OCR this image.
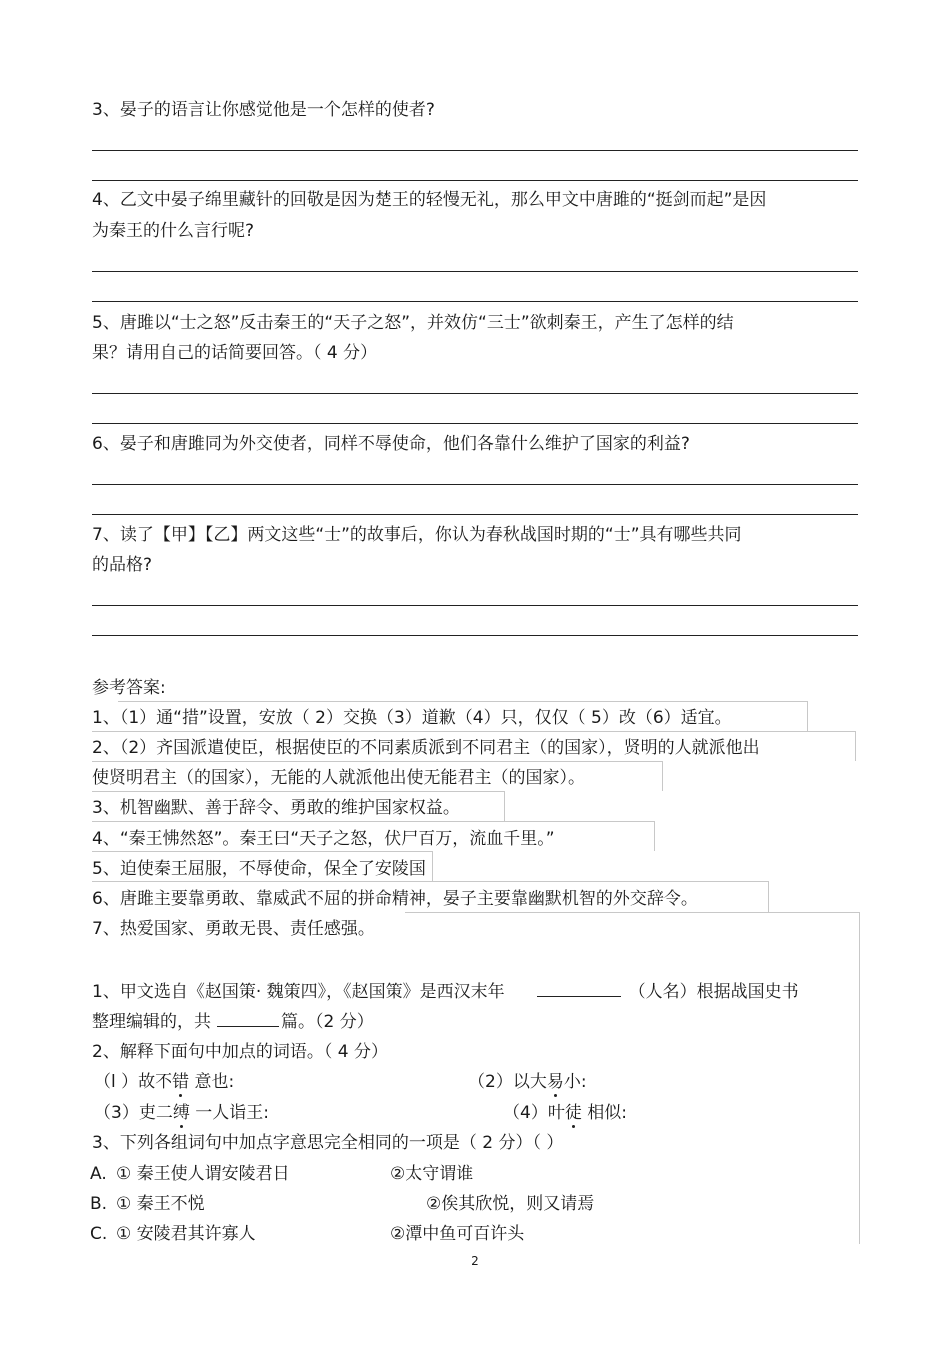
3、晏子的语言让你感觉他是一个怎样的使者?
4、乙文中晏子绵里藏针的回敬是因为楚王的轻慢无礼，那么甲文中唐雎的“挺剑而起”是因
为秦王的什么言行呢?
5、唐雎以“士之怒”反击秦王的“天子之怒”，并效仿“三士”欲刺秦王，产生了怎样的结
果？请用自己的话简要回答。（ 4 分）
6、晏子和唐雎同为外交使者，同样不辱使命，他们各靠什么维护了国家的利益?
7、读了【甲】【乙】两文这些“士”的故事后，你认为春秋战国时期的“士”具有哪些共同
的品格?
参考答案:
1、（1）通“措”设置，安放（ 2）交换（3）道歉（4）只，仅仅（ 5）改（6）适宜。
2、（2）齐国派遣使臣，根据使臣的不同素质派到不同君主（的国家），贤明的人就派他出
使贤明君主（的国家），无能的人就派他出使无能君主（的国家）。
3、机智幽默、善于辞令、勇敢的维护国家权益。
4、“秦王怫然怒”。秦王曰“天子之怒，伏尸百万，流血千里。”
5、迫使秦王屈服，不辱使命，保全了安陵国
6、唐雎主要靠勇敢、靠威武不屈的拼命精神，晏子主要靠幽默机智的外交辞令。
7、热爱国家、勇敢无畏、责任感强。
1、甲文选自《赵国策· 魏策四》，《赵国策》是西汉末年	（人名）根据战国史书
整理编辑的，共	篇。（2 分）
2、解释下面句中加点的词语。（ 4 分）
（l ）故不错 意也:	（2）以大易小:
（3）吏二缚 一人诣王:	（4）叶徒 相似:
3、下列各组词句中加点字意思完全相同的一项是（ 2 分）（ ）
A. ① 秦王使人谓安陵君日	②太守谓谁
B. ① 秦王不悦	②俟其欣悦，则又请焉
C. ① 安陵君其许寡人	②潭中鱼可百许头
2
